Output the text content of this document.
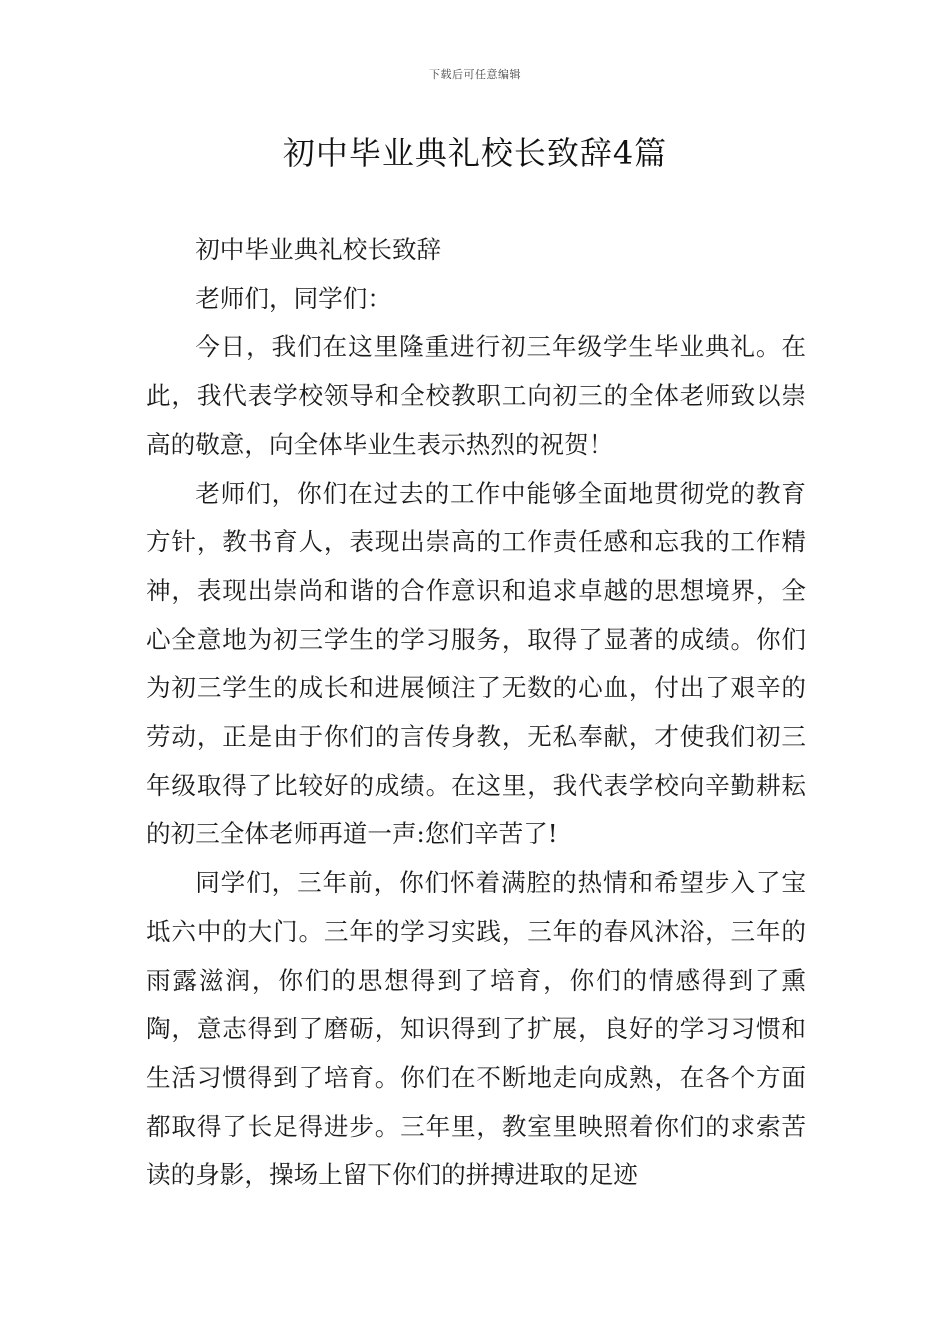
下载后可任意编辑
初中毕业典礼校长致辞4篇

初中毕业典礼校长致辞

老师们，同学们：

今日，我们在这里隆重进行初三年级学生毕业典礼。在此，我代表学校领导和全校教职工向初三的全体老师致以崇高的敬意，向全体毕业生表示热烈的祝贺！

老师们，你们在过去的工作中能够全面地贯彻党的教育方针，教书育人，表现出崇高的工作责任感和忘我的工作精神，表现出崇尚和谐的合作意识和追求卓越的思想境界，全心全意地为初三学生的学习服务，取得了显著的成绩。你们为初三学生的成长和进展倾注了无数的心血，付出了艰辛的劳动，正是由于你们的言传身教，无私奉献，才使我们初三年级取得了比较好的成绩。在这里，我代表学校向辛勤耕耘的初三全体老师再道一声:您们辛苦了!

同学们，三年前，你们怀着满腔的热情和希望步入了宝坻六中的大门。三年的学习实践，三年的春风沐浴，三年的雨露滋润，你们的思想得到了培育，你们的情感得到了熏陶，意志得到了磨砺，知识得到了扩展，良好的学习习惯和生活习惯得到了培育。你们在不断地走向成熟，在各个方面都取得了长足得进步。三年里，教室里映照着你们的求索苦读的身影，操场上留下你们的拼搏进取的足迹
